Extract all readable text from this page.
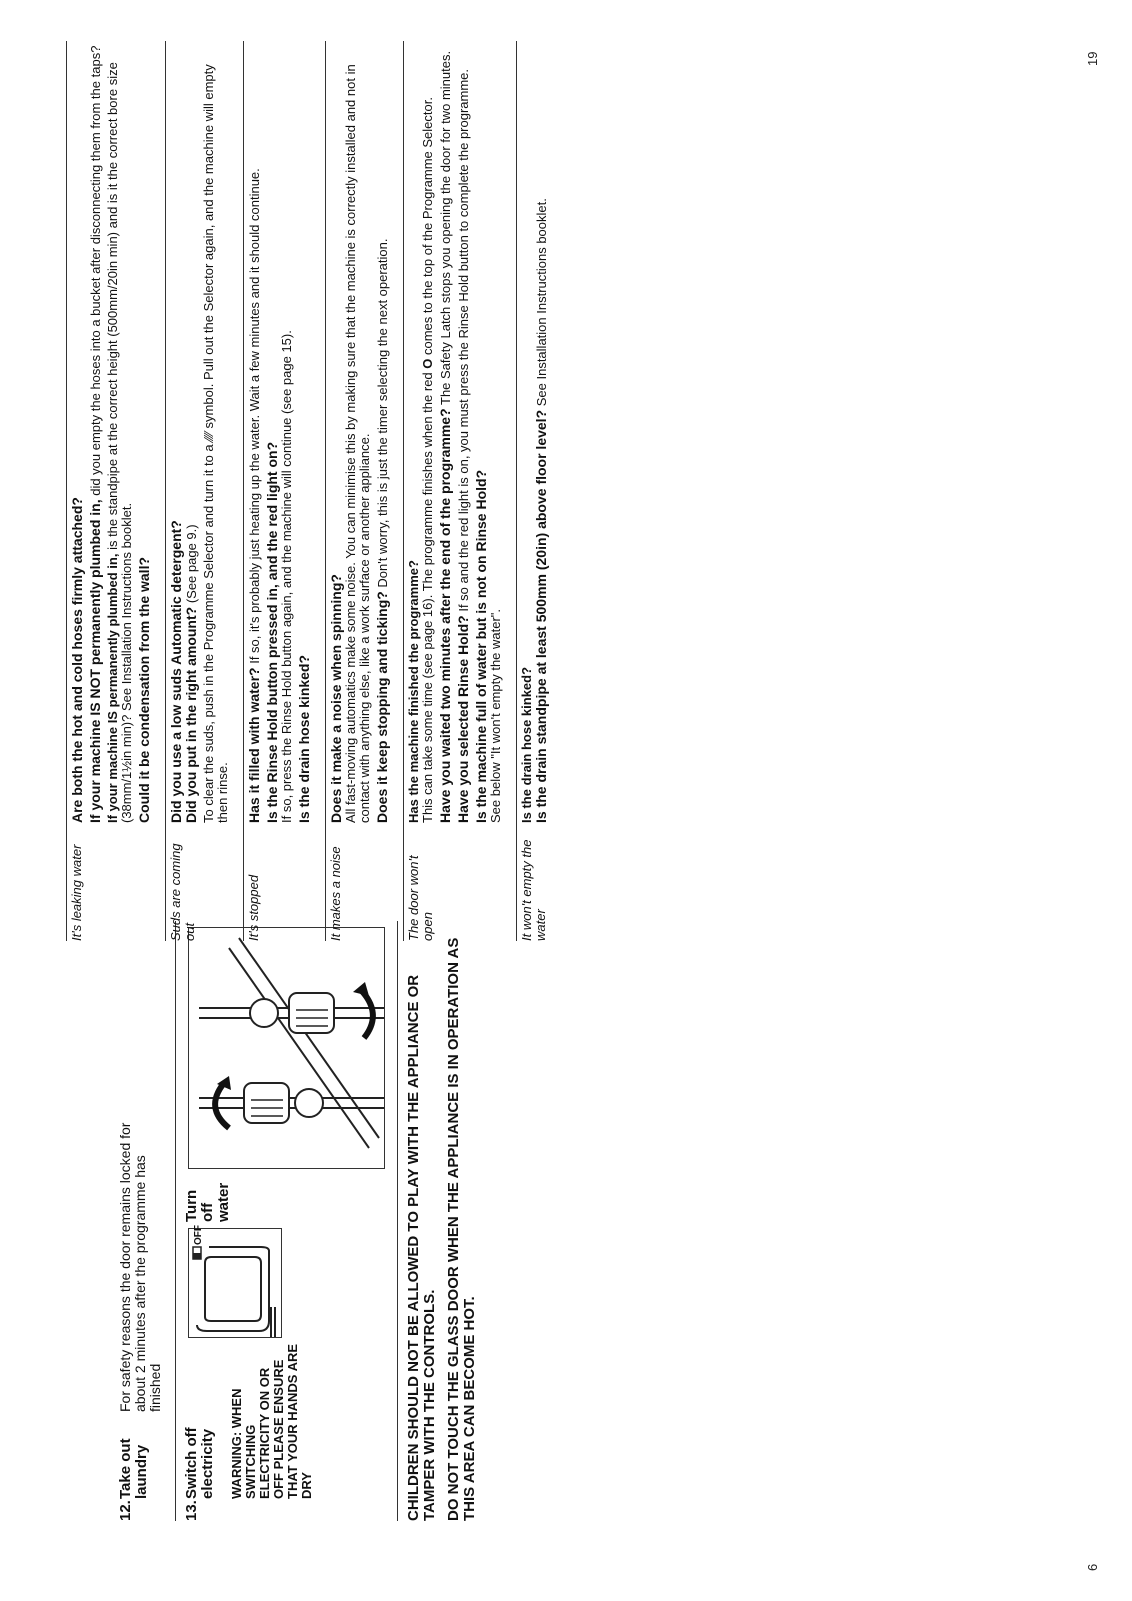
6
19
12.
Take out laundry
For safety reasons the door remains locked for about 2 minutes after the programme has finished
13.
Switch off electricity WARNING: WHEN SWITCHING ELECTRICITY ON OR OFF PLEASE ENSURE THAT YOUR HANDS ARE DRY
OFF
Turn off water	CHILDREN SHOULD NOT BE ALLOWED TO PLAY WITH THE APPLIANCE OR TAMPER WITH THE CONTROLS. DO NOT TOUCH THE GLASS DOOR WHEN THE APPLIANCE IS IN OPERATION AS THIS AREA CAN BECOME HOT.
It's leaking water

Are both the hot and cold hoses firmly attached? If your machine IS NOT permanently plumbed in, did you empty the hoses into a bucket after disconnecting them from the taps?

If your machine IS permanently plumbed in, is the standpipe at the correct height (500mm/20in min) and is it the correct bore size (38mm/1½in min)? See Installation Instructions booklet. Could it be condensation from the wall?

Suds are coming out

Did you use a low suds Automatic detergent? Did you put in the right amount? (See page 9.) To clear the suds, push in the Programme Selector and turn it to a ⁄⁄⁄⁄ symbol. Pull out the Selector again, and the machine will empty then rinse.

It's stopped

Has it filled with water? If so, it's probably just heating up the water. Wait a few minutes and it should continue. Is the Rinse Hold button pressed in, and the red light on? If so, press the Rinse Hold button again, and the machine will continue (see page 15). Is the drain hose kinked?

It makes a noise

Does it make a noise when spinning? All fast-moving automatics make some noise. You can minimise this by making sure that the machine is correctly installed and not in contact with anything else, like a work surface or another appliance. Does it keep stopping and ticking? Don't worry, this is just the timer selecting the next operation.

The door won't open

Has the machine finished the programme? This can take some time (see page 16). The programme finishes when the red O comes to the top of the Programme Selector.

Have you waited two minutes after the end of the programme? The Safety Latch stops you opening the door for two minutes.

Have you selected Rinse Hold? If so and the red light is on, you must press the Rinse Hold button to complete the programme.

Is the machine full of water but is not on Rinse Hold? See below "It won't empty the water".

It won't empty the water

Is the drain hose kinked? Is the drain standpipe at least 500mm (20in) above floor level? See Installation Instructions booklet.
